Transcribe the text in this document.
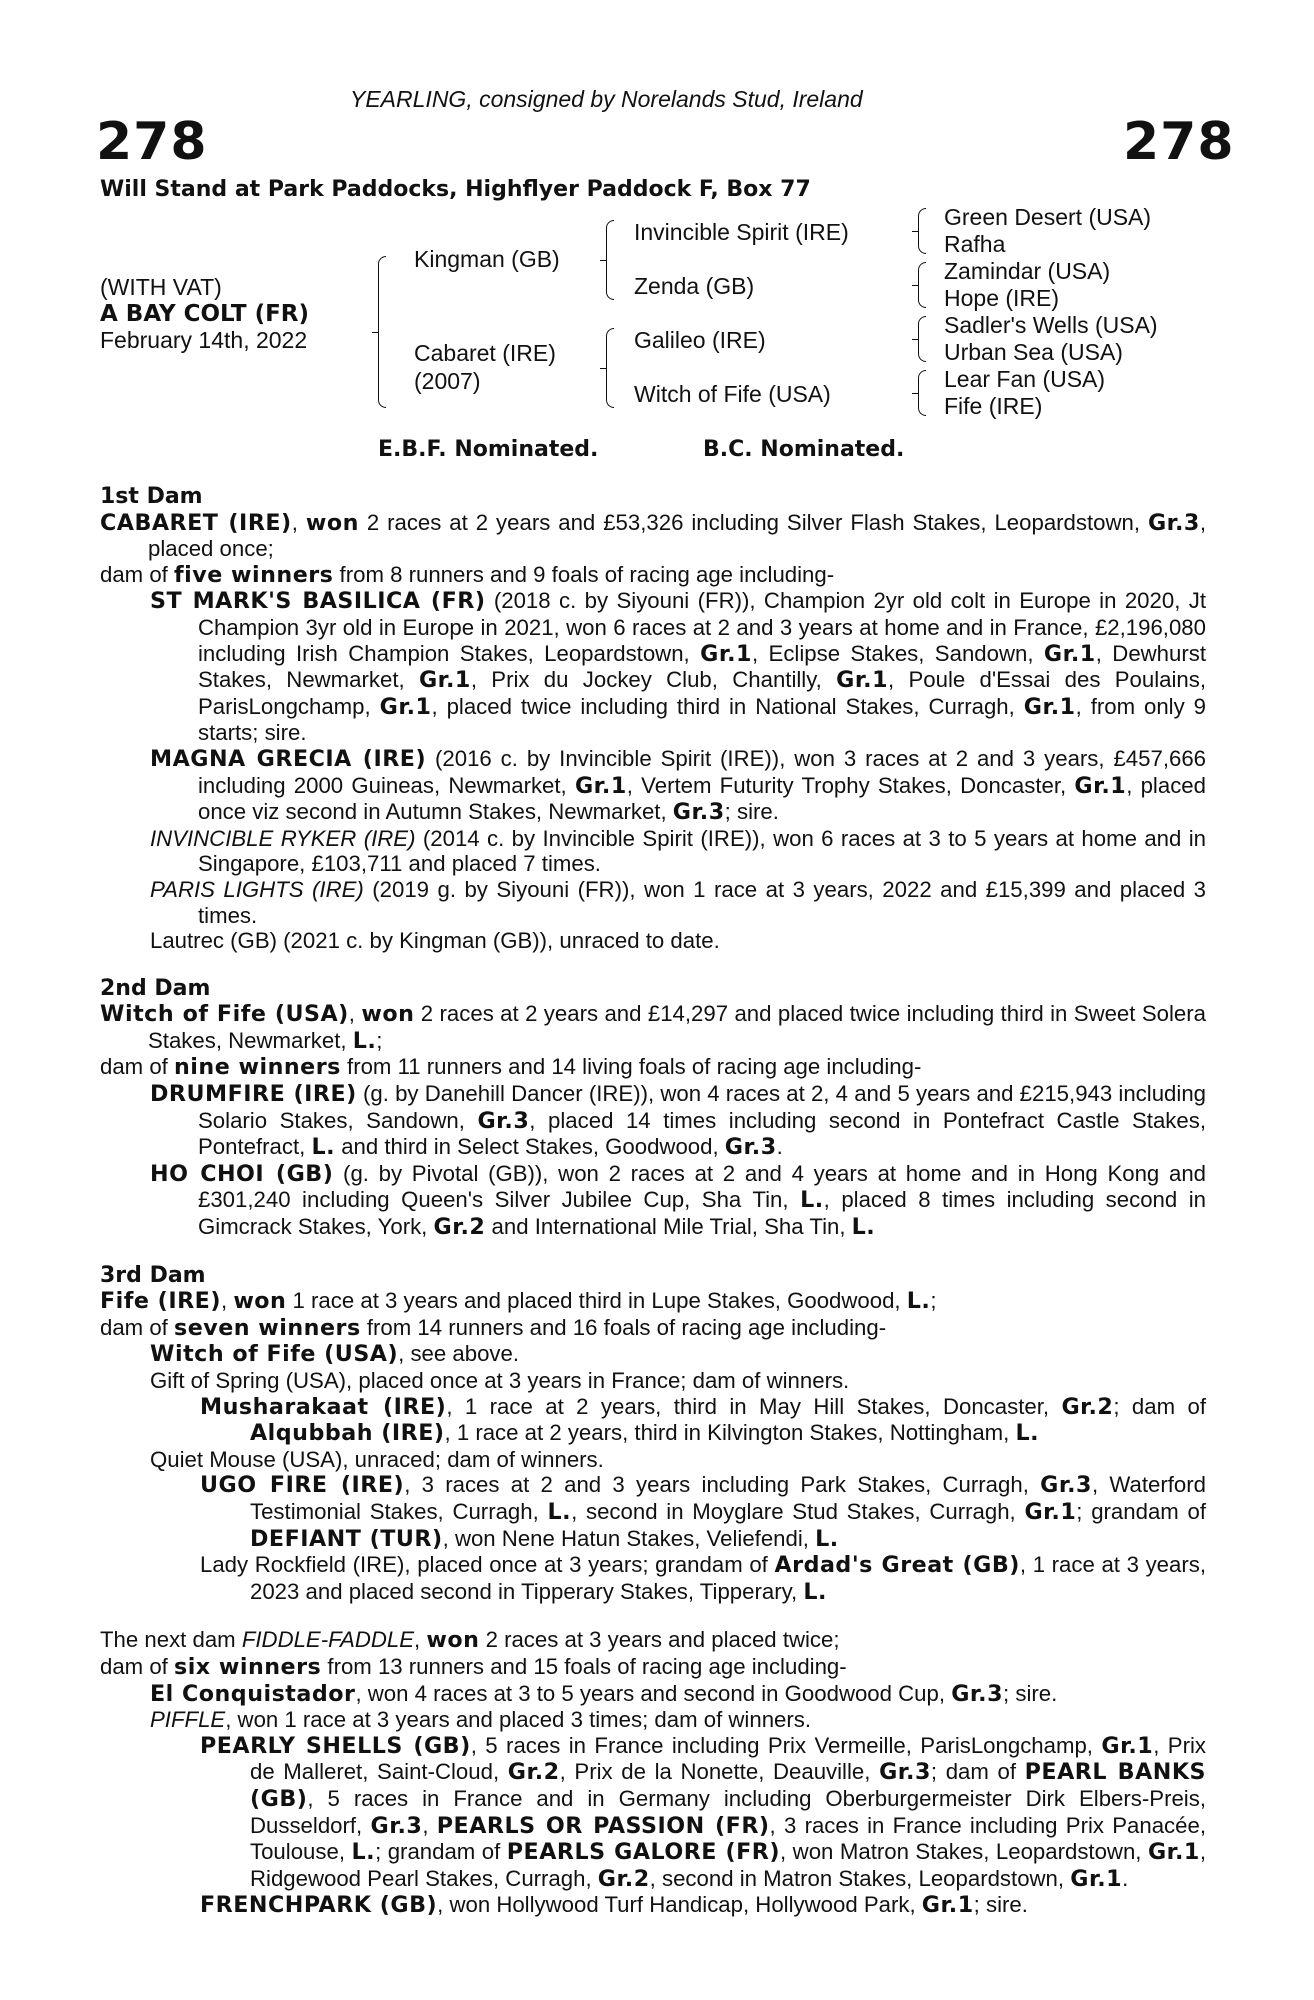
278	278
YEARLING, consigned by Norelands Stud, Ireland
Will Stand at Park Paddocks, Highflyer Paddock F, Box 77
(WITH VAT)
A BAY COLT (FR)
February 14th, 2022
Kingman (GB)
Cabaret (IRE)
(2007)
Invincible Spirit (IRE)
Zenda (GB)
Galileo (IRE)
Witch of Fife (USA)
Green Desert (USA)
Rafha
Zamindar (USA)
Hope (IRE)
Sadler's Wells (USA)
Urban Sea (USA)
Lear Fan (USA)
Fife (IRE)
E.B.F. Nominated.	B.C. Nominated.
1st Dam

CABARET (IRE), won 2 races at 2 years and £53,326 including Silver Flash Stakes, Leopardstown, Gr.3, placed once;

dam of five winners from 8 runners and 9 foals of racing age including-

ST MARK'S BASILICA (FR) (2018 c. by Siyouni (FR)), Champion 2yr old colt in Europe in 2020, Jt Champion 3yr old in Europe in 2021, won 6 races at 2 and 3 years at home and in France, £2,196,080 including Irish Champion Stakes, Leopardstown, Gr.1, Eclipse Stakes, Sandown, Gr.1, Dewhurst Stakes, Newmarket, Gr.1, Prix du Jockey Club, Chantilly, Gr.1, Poule d'Essai des Poulains, ParisLongchamp, Gr.1, placed twice including third in National Stakes, Curragh, Gr.1, from only 9 starts; sire.

MAGNA GRECIA (IRE) (2016 c. by Invincible Spirit (IRE)), won 3 races at 2 and 3 years, £457,666 including 2000 Guineas, Newmarket, Gr.1, Vertem Futurity Trophy Stakes, Doncaster, Gr.1, placed once viz second in Autumn Stakes, Newmarket, Gr.3; sire.

INVINCIBLE RYKER (IRE) (2014 c. by Invincible Spirit (IRE)), won 6 races at 3 to 5 years at home and in Singapore, £103,711 and placed 7 times.

PARIS LIGHTS (IRE) (2019 g. by Siyouni (FR)), won 1 race at 3 years, 2022 and £15,399 and placed 3 times.

Lautrec (GB) (2021 c. by Kingman (GB)), unraced to date.

2nd Dam

Witch of Fife (USA), won 2 races at 2 years and £14,297 and placed twice including third in Sweet Solera Stakes, Newmarket, L.;

dam of nine winners from 11 runners and 14 living foals of racing age including-

DRUMFIRE (IRE) (g. by Danehill Dancer (IRE)), won 4 races at 2, 4 and 5 years and £215,943 including Solario Stakes, Sandown, Gr.3, placed 14 times including second in Pontefract Castle Stakes, Pontefract, L. and third in Select Stakes, Goodwood, Gr.3.

HO CHOI (GB) (g. by Pivotal (GB)), won 2 races at 2 and 4 years at home and in Hong Kong and £301,240 including Queen's Silver Jubilee Cup, Sha Tin, L., placed 8 times including second in Gimcrack Stakes, York, Gr.2 and International Mile Trial, Sha Tin, L.

3rd Dam

Fife (IRE), won 1 race at 3 years and placed third in Lupe Stakes, Goodwood, L.;

dam of seven winners from 14 runners and 16 foals of racing age including-

Witch of Fife (USA), see above.

Gift of Spring (USA), placed once at 3 years in France; dam of winners.

Musharakaat (IRE), 1 race at 2 years, third in May Hill Stakes, Doncaster, Gr.2; dam of Alqubbah (IRE), 1 race at 2 years, third in Kilvington Stakes, Nottingham, L.

Quiet Mouse (USA), unraced; dam of winners.

UGO FIRE (IRE), 3 races at 2 and 3 years including Park Stakes, Curragh, Gr.3, Waterford Testimonial Stakes, Curragh, L., second in Moyglare Stud Stakes, Curragh, Gr.1; grandam of DEFIANT (TUR), won Nene Hatun Stakes, Veliefendi, L.

Lady Rockfield (IRE), placed once at 3 years; grandam of Ardad's Great (GB), 1 race at 3 years, 2023 and placed second in Tipperary Stakes, Tipperary, L.

The next dam FIDDLE-FADDLE, won 2 races at 3 years and placed twice;

dam of six winners from 13 runners and 15 foals of racing age including-

El Conquistador, won 4 races at 3 to 5 years and second in Goodwood Cup, Gr.3; sire.

PIFFLE, won 1 race at 3 years and placed 3 times; dam of winners.

PEARLY SHELLS (GB), 5 races in France including Prix Vermeille, ParisLongchamp, Gr.1, Prix de Malleret, Saint-Cloud, Gr.2, Prix de la Nonette, Deauville, Gr.3; dam of PEARL BANKS (GB), 5 races in France and in Germany including Oberburgermeister Dirk Elbers-Preis, Dusseldorf, Gr.3, PEARLS OR PASSION (FR), 3 races in France including Prix Panacée, Toulouse, L.; grandam of PEARLS GALORE (FR), won Matron Stakes, Leopardstown, Gr.1, Ridgewood Pearl Stakes, Curragh, Gr.2, second in Matron Stakes, Leopardstown, Gr.1.

FRENCHPARK (GB), won Hollywood Turf Handicap, Hollywood Park, Gr.1; sire.
